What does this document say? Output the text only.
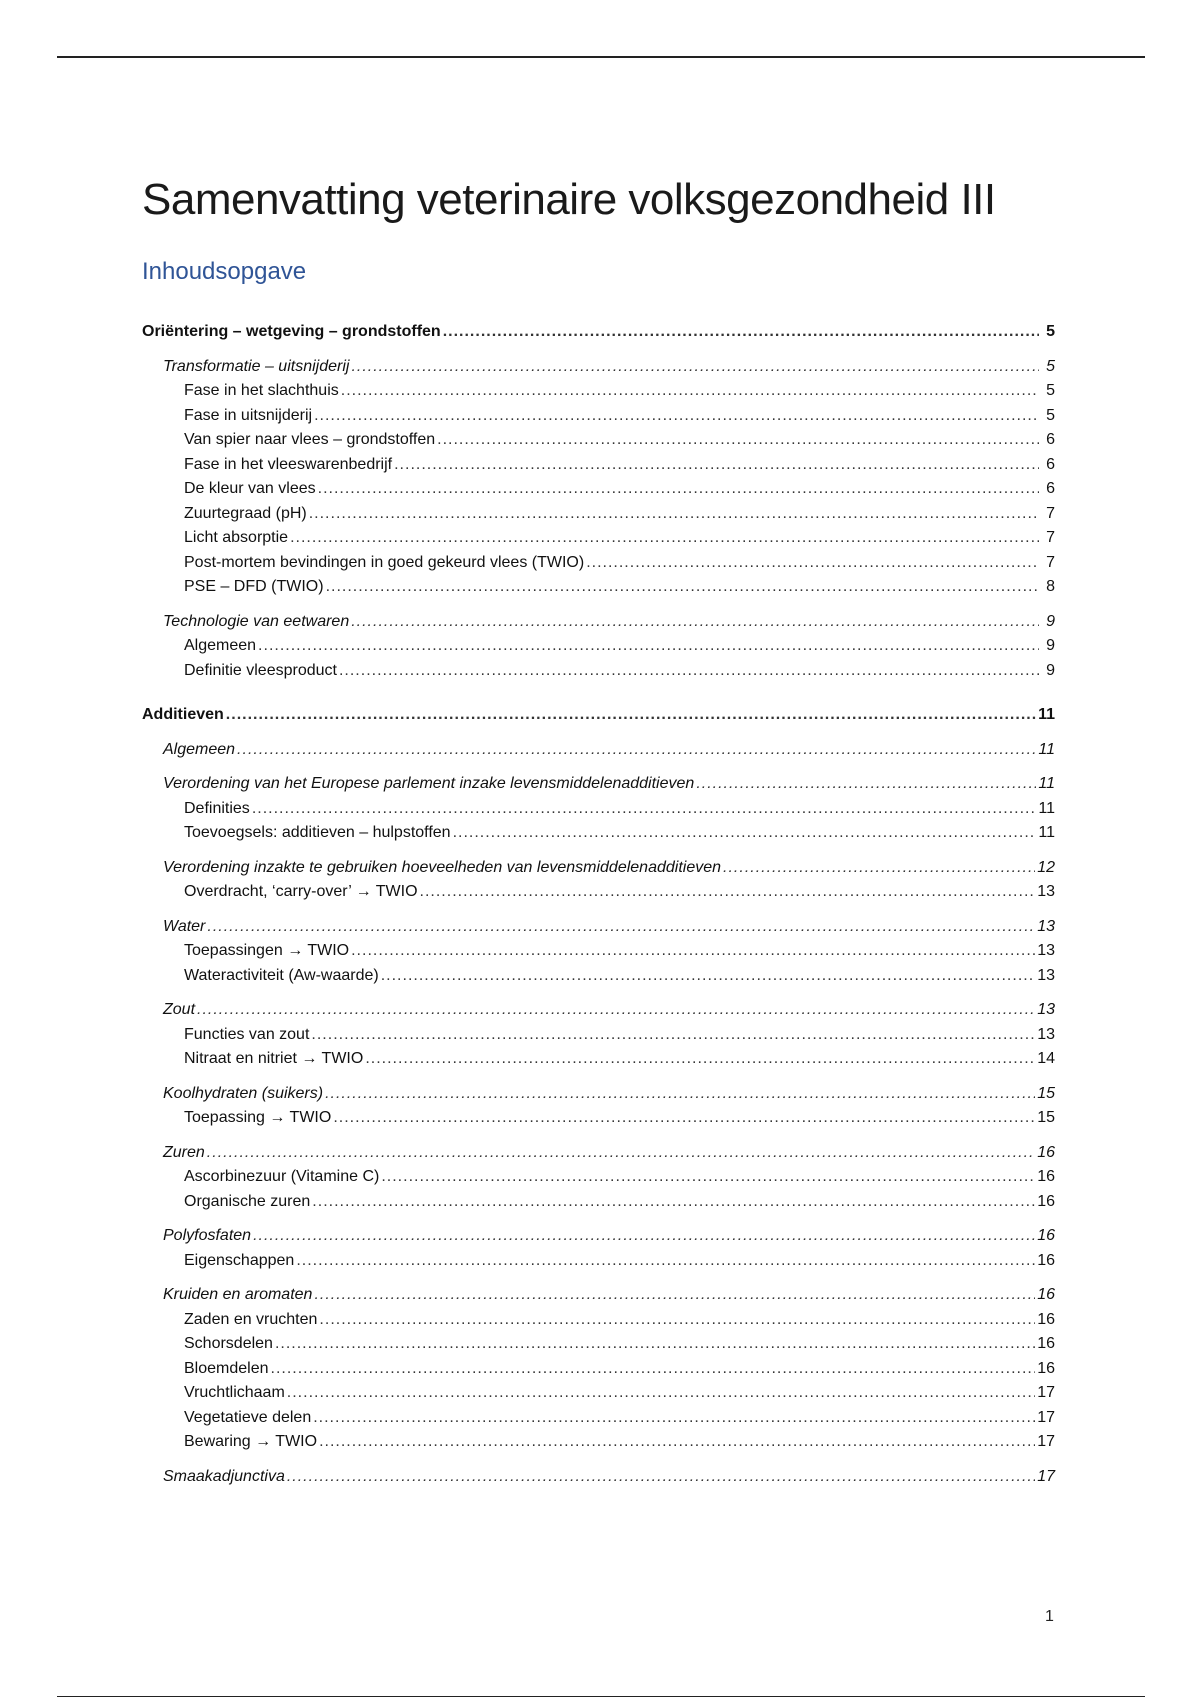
Samenvatting veterinaire volksgezondheid III
Inhoudsopgave
Oriëntering – wetgeving – grondstoffen .....	5
Transformatie – uitsnijderij .....	5
Fase in het slachthuis .....	5
Fase in uitsnijderij .....	5
Van spier naar vlees – grondstoffen .....	6
Fase in het vleeswarenbedrijf .....	6
De kleur van vlees .....	6
Zuurtegraad (pH) .....	7
Licht absorptie .....	7
Post-mortem bevindingen in goed gekeurd vlees (TWIO) .....	7
PSE – DFD (TWIO) .....	8
Technologie van eetwaren .....	9
Algemeen .....	9
Definitie vleesproduct .....	9
Additieven .....	11
Algemeen .....	11
Verordening van het Europese parlement inzake levensmiddelenadditieven .....	11
Definities .....	11
Toevoegsels: additieven – hulpstoffen .....	11
Verordening inzakte te gebruiken hoeveelheden van levensmiddelenadditieven .....	12
Overdracht, ‘carry-over’ → TWIO .....	13
Water .....	13
Toepassingen → TWIO .....	13
Wateractiviteit (Aw-waarde) .....	13
Zout .....	13
Functies van zout .....	13
Nitraat en nitriet → TWIO .....	14
Koolhydraten (suikers) .....	15
Toepassing → TWIO .....	15
Zuren .....	16
Ascorbinezuur (Vitamine C) .....	16
Organische zuren .....	16
Polyfosfaten .....	16
Eigenschappen .....	16
Kruiden en aromaten .....	16
Zaden en vruchten .....	16
Schorsdelen .....	16
Bloemdelen .....	16
Vruchtlichaam .....	17
Vegetatieve delen .....	17
Bewaring → TWIO .....	17
Smaakadjunctiva .....	17
1
